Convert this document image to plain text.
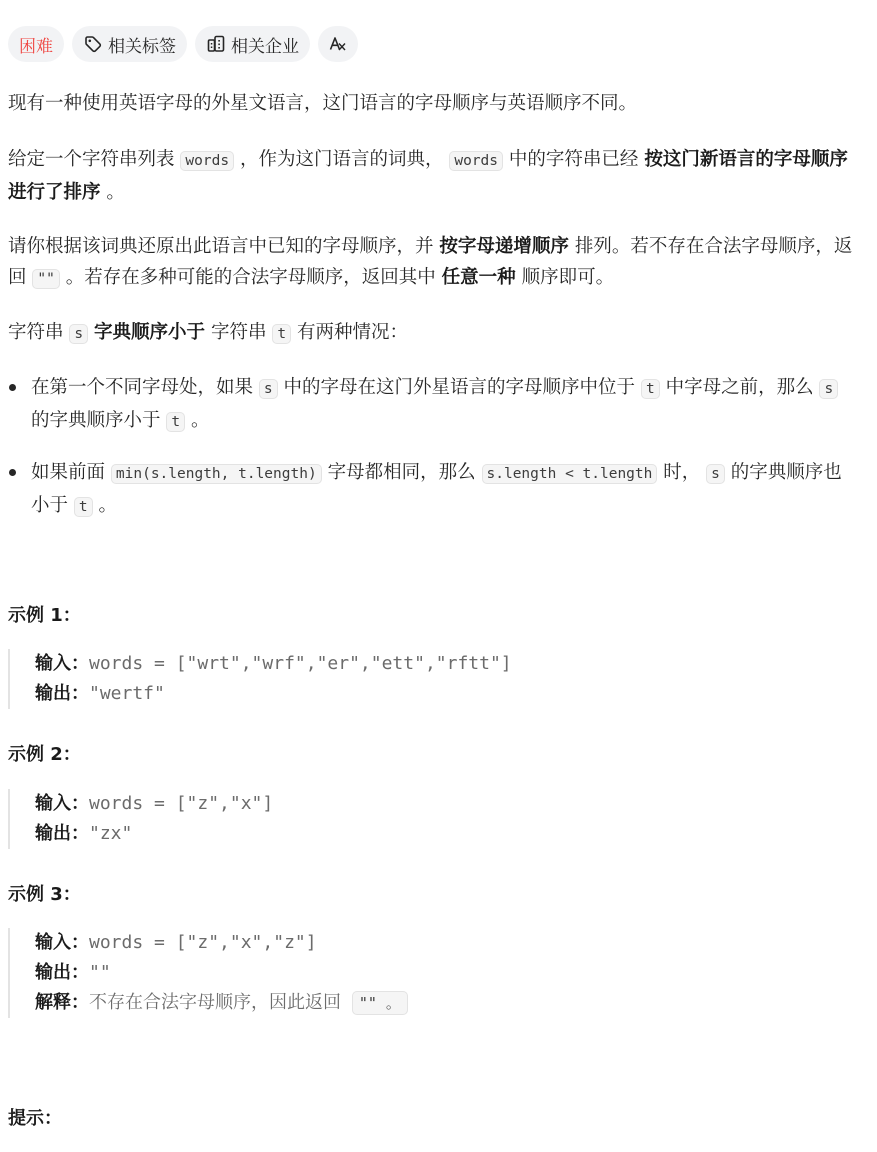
困难	相关标签	相关企业

现有一种使用英语字母的外星文语言，这门语言的字母顺序与英语顺序不同。

给定一个字符串列表 words ，作为这门语言的词典， words 中的字符串已经 按这门新语言的字母顺序进行了排序 。

请你根据该词典还原出此语言中已知的字母顺序，并 按字母递增顺序 排列。若不存在合法字母顺序，返回 "" 。若存在多种可能的合法字母顺序，返回其中 任意一种 顺序即可。

字符串 s 字典顺序小于 字符串 t 有两种情况：

在第一个不同字母处，如果 s 中的字母在这门外星语言的字母顺序中位于 t 中字母之前，那么 s 的字典顺序小于 t 。
如果前面 min(s.length, t.length) 字母都相同，那么 s.length < t.length 时， s 的字典顺序也小于 t 。
示例 1：
输入：words = ["wrt","wrf","er","ett","rftt"]
输出："wertf"
示例 2：
输入：words = ["z","x"]
输出："zx"
示例 3：
输入：words = ["z","x","z"]
输出：""
解释：不存在合法字母顺序，因此返回 "" 。
提示：
